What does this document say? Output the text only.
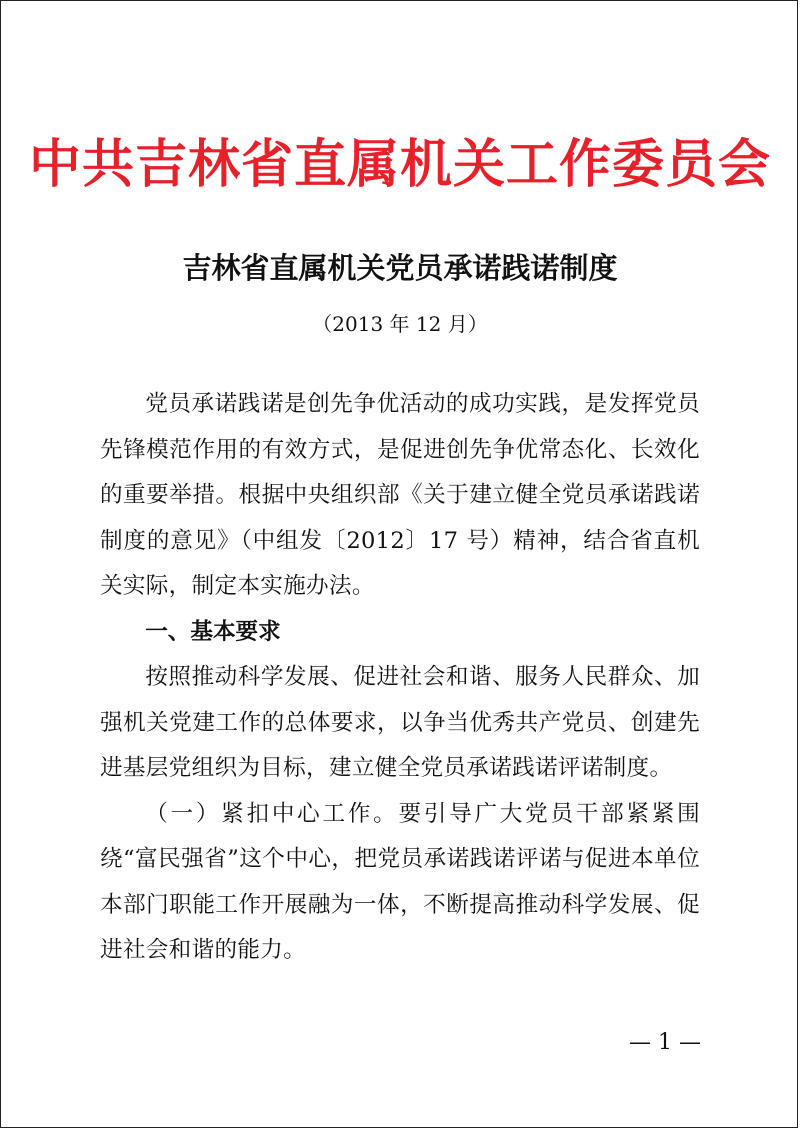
中共吉林省直属机关工作委员会
吉林省直属机关党员承诺践诺制度
（2013 年 12 月）

党员承诺践诺是创先争优活动的成功实践，是发挥党员先锋模范作用的有效方式，是促进创先争优常态化、长效化的重要举措。根据中央组织部《关于建立健全党员承诺践诺制度的意见》（中组发〔2012〕17 号）精神，结合省直机关实际，制定本实施办法。

一、基本要求

按照推动科学发展、促进社会和谐、服务人民群众、加强机关党建工作的总体要求，以争当优秀共产党员、创建先进基层党组织为目标，建立健全党员承诺践诺评诺制度。

（一）紧扣中心工作。要引导广大党员干部紧紧围绕“富民强省”这个中心，把党员承诺践诺评诺与促进本单位本部门职能工作开展融为一体，不断提高推动科学发展、促进社会和谐的能力。

— 1 —
